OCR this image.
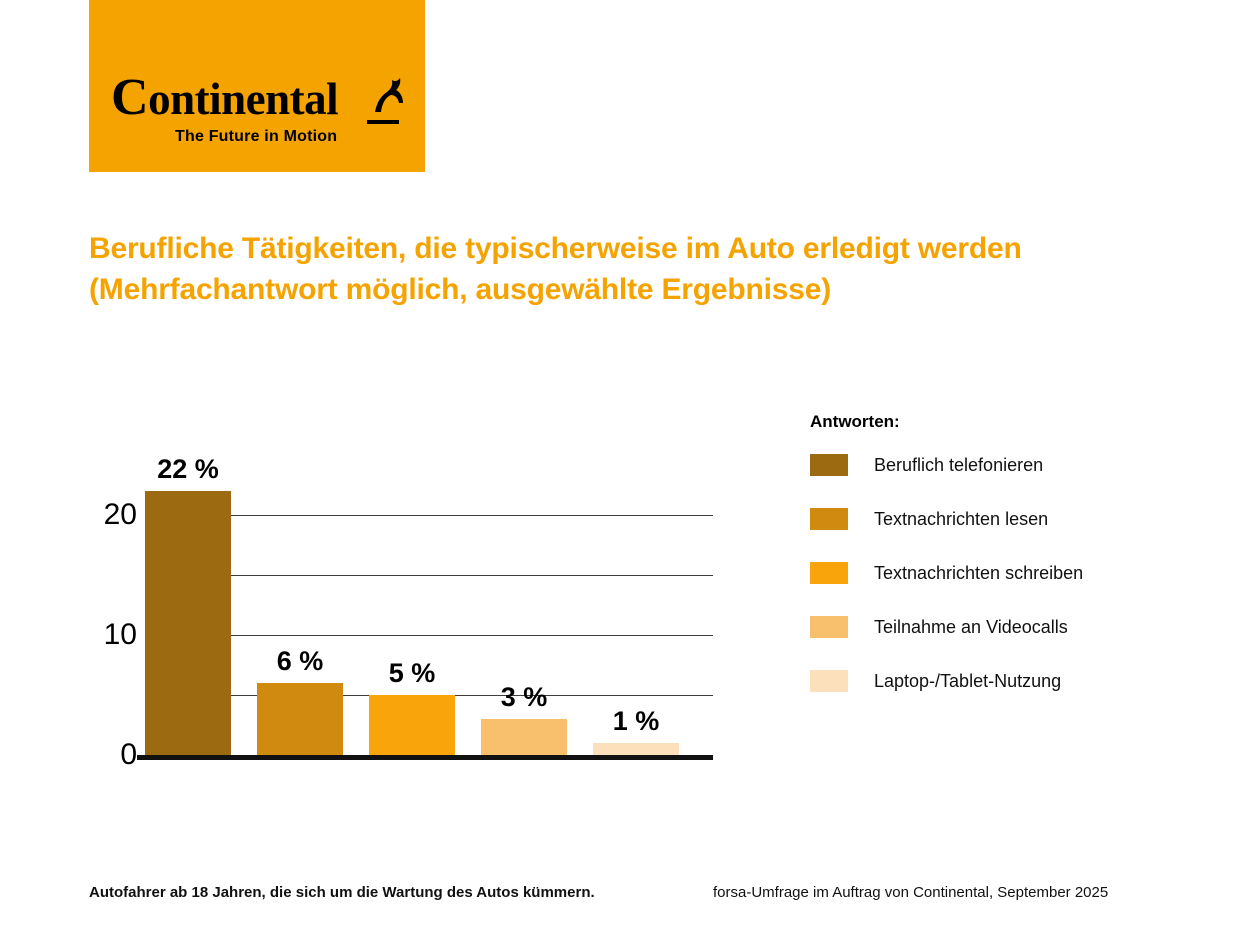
Continental
The Future in Motion
Berufliche Tätigkeiten, die typischerweise im Auto erledigt werden (Mehrfachantwort möglich, ausgewählte Ergebnisse)
0
10
20
22 %
6 %	5 %
3 %
1 %
Antworten:
Beruflich telefonieren
Textnachrichten lesen
Textnachrichten schreiben
Teilnahme an Videocalls
Laptop-/Tablet-Nutzung
Autofahrer ab 18 Jahren, die sich um die Wartung des Autos kümmern.	forsa-Umfrage im Auftrag von Continental, September 2025
